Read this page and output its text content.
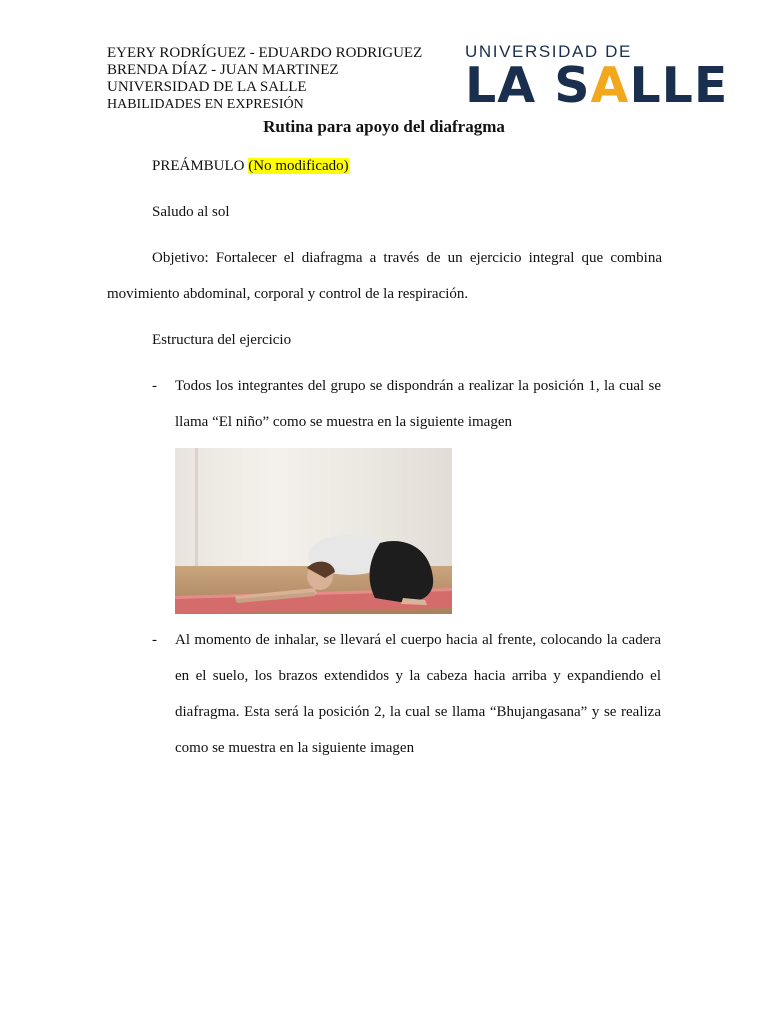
EYERY RODRÍGUEZ - EDUARDO RODRIGUEZ
BRENDA DÍAZ - JUAN MARTINEZ
UNIVERSIDAD DE LA SALLE
HABILIDADES EN EXPRESIÓN
UNIVERSIDAD DE
LA SALLE
Rutina para apoyo del diafragma
PREÁMBULO (No modificado)
Saludo al sol
Objetivo: Fortalecer el diafragma a través de un ejercicio integral que combina
movimiento abdominal, corporal y control de la respiración.
Estructura del ejercicio
- Todos los integrantes del grupo se dispondrán a realizar la posición 1, la cual se
llama “El niño” como se muestra en la siguiente imagen
- Al momento de inhalar, se llevará el cuerpo hacia al frente, colocando la cadera
en el suelo, los brazos extendidos y la cabeza hacia arriba y expandiendo el
diafragma. Esta será la posición 2, la cual se llama “Bhujangasana” y se realiza
como se muestra en la siguiente imagen
